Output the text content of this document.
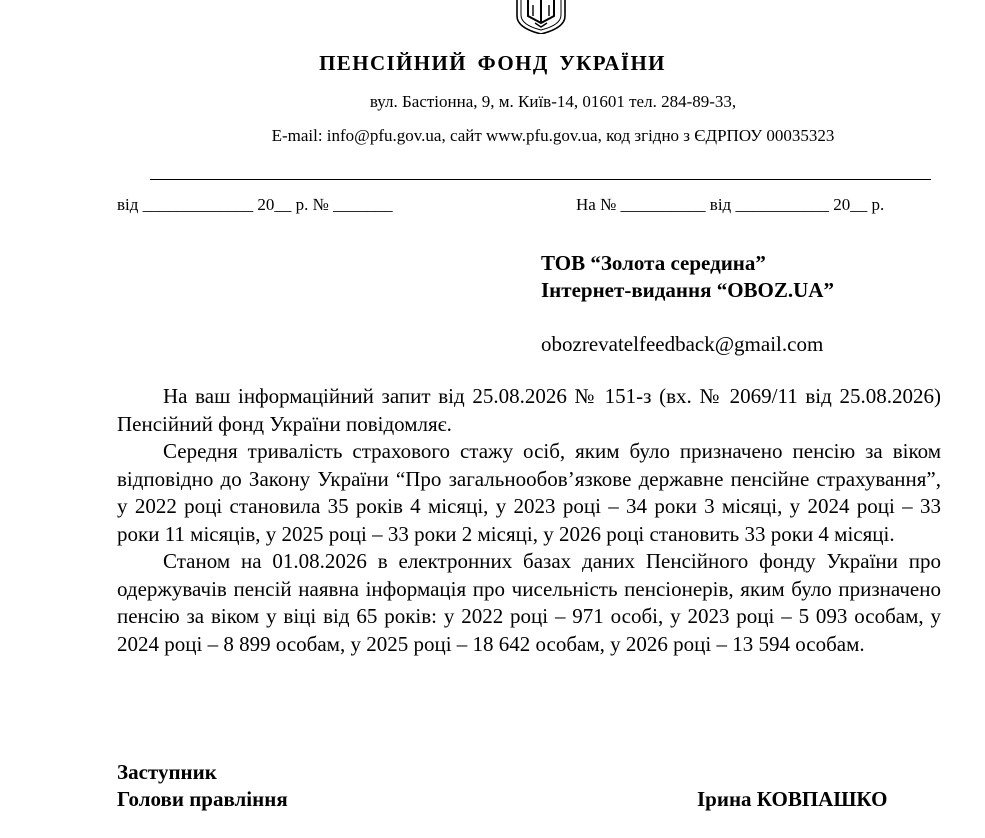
ПЕНСІЙНИЙ ФОНД УКРАЇНИ
вул. Бастіонна, 9, м. Київ-14, 01601 тел. 284-89-33,
E-mail: info@pfu.gov.ua, сайт www.pfu.gov.ua, код згідно з ЄДРПОУ 00035323
від _____________ 20__ р. № _______	На № __________ від ___________ 20__ р.
ТОВ “Золота середина”
Інтернет-видання “OBOZ.UA”
obozrevatelfeedback@gmail.com

На ваш інформаційний запит від 25.08.2026 № 151-з (вх. № 2069/11 від 25.08.2026) Пенсійний фонд України повідомляє.

Середня тривалість страхового стажу осіб, яким було призначено пенсію за віком відповідно до Закону України “Про загальнообов’язкове державне пенсійне страхування”, у 2022 році становила 35 років 4 місяці, у 2023 році – 34 роки 3 місяці, у 2024 році – 33 роки 11 місяців, у 2025 році – 33 роки 2 місяці, у 2026 році становить 33 роки 4 місяці.

Станом на 01.08.2026 в електронних базах даних Пенсійного фонду України про одержувачів пенсій наявна інформація про чисельність пенсіонерів, яким було призначено пенсію за віком у віці від 65 років: у 2022 році – 971 особі, у 2023 році – 5 093 особам, у 2024 році – 8 899 особам, у 2025 році – 18 642 особам, у 2026 році – 13 594 особам.

Заступник
Голови правління	Ірина КОВПАШКО
